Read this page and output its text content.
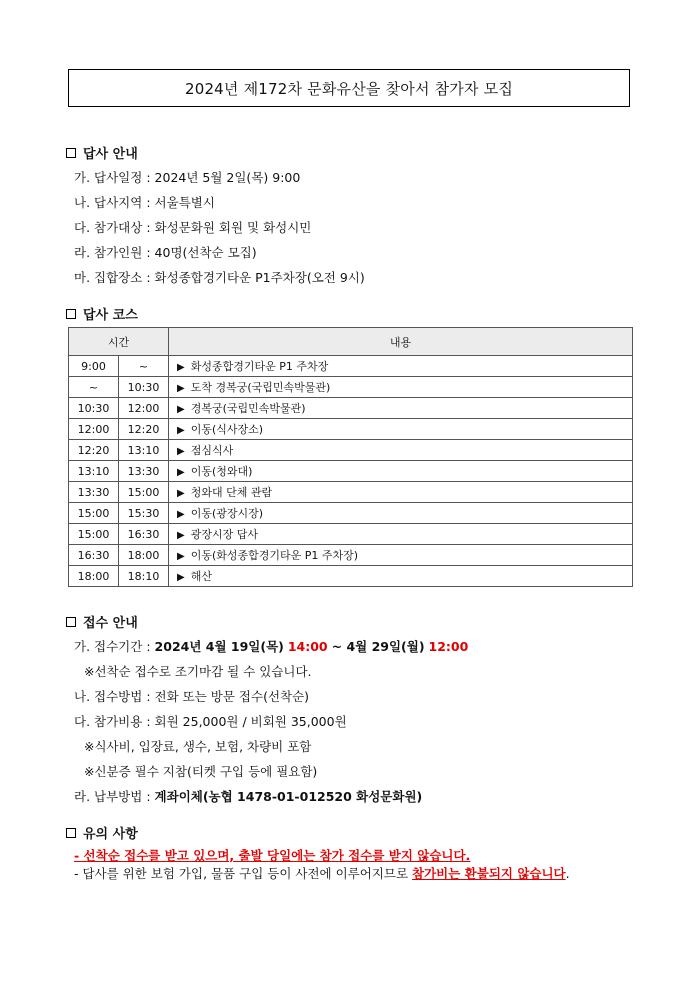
2024년 제172차 문화유산을 찾아서 참가자 모집
답사 안내
가. 답사일정 : 2024년 5월 2일(목) 9:00
나. 답사지역 : 서울특별시
다. 참가대상 : 화성문화원 회원 및 화성시민
라. 참가인원 : 40명(선착순 모집)
마. 집합장소 : 화성종합경기타운 P1주차장(오전 9시)
답사 코스
시간		내용
9:00	~	▶ 화성종합경기타운 P1 주차장
~	10:30	▶ 도착 경복궁(국립민속박물관)
10:30	12:00	▶ 경복궁(국립민속박물관)
12:00	12:20	▶ 이동(식사장소)
12:20	13:10	▶ 점심식사
13:10	13:30	▶ 이동(청와대)
13:30	15:00	▶ 청와대 단체 관람
15:00	15:30	▶ 이동(광장시장)
15:00	16:30	▶ 광장시장 답사
16:30	18:00	▶ 이동(화성종합경기타운 P1 주차장)
18:00	18:10	▶ 해산
접수 안내
가. 접수기간 : 2024년 4월 19일(목) 14:00 ~ 4월 29일(월) 12:00
※선착순 접수로 조기마감 될 수 있습니다.
나. 접수방법 : 전화 또는 방문 접수(선착순)
다. 참가비용 : 회원 25,000원 / 비회원 35,000원
※식사비, 입장료, 생수, 보험, 차량비 포함
※신분증 필수 지참(티켓 구입 등에 필요함)
라. 납부방법 : 계좌이체(농협 1478-01-012520 화성문화원)
유의 사항
- 선착순 접수를 받고 있으며, 출발 당일에는 참가 접수를 받지 않습니다.
- 답사를 위한 보험 가입, 물품 구입 등이 사전에 이루어지므로 참가비는 환불되지 않습니다.
